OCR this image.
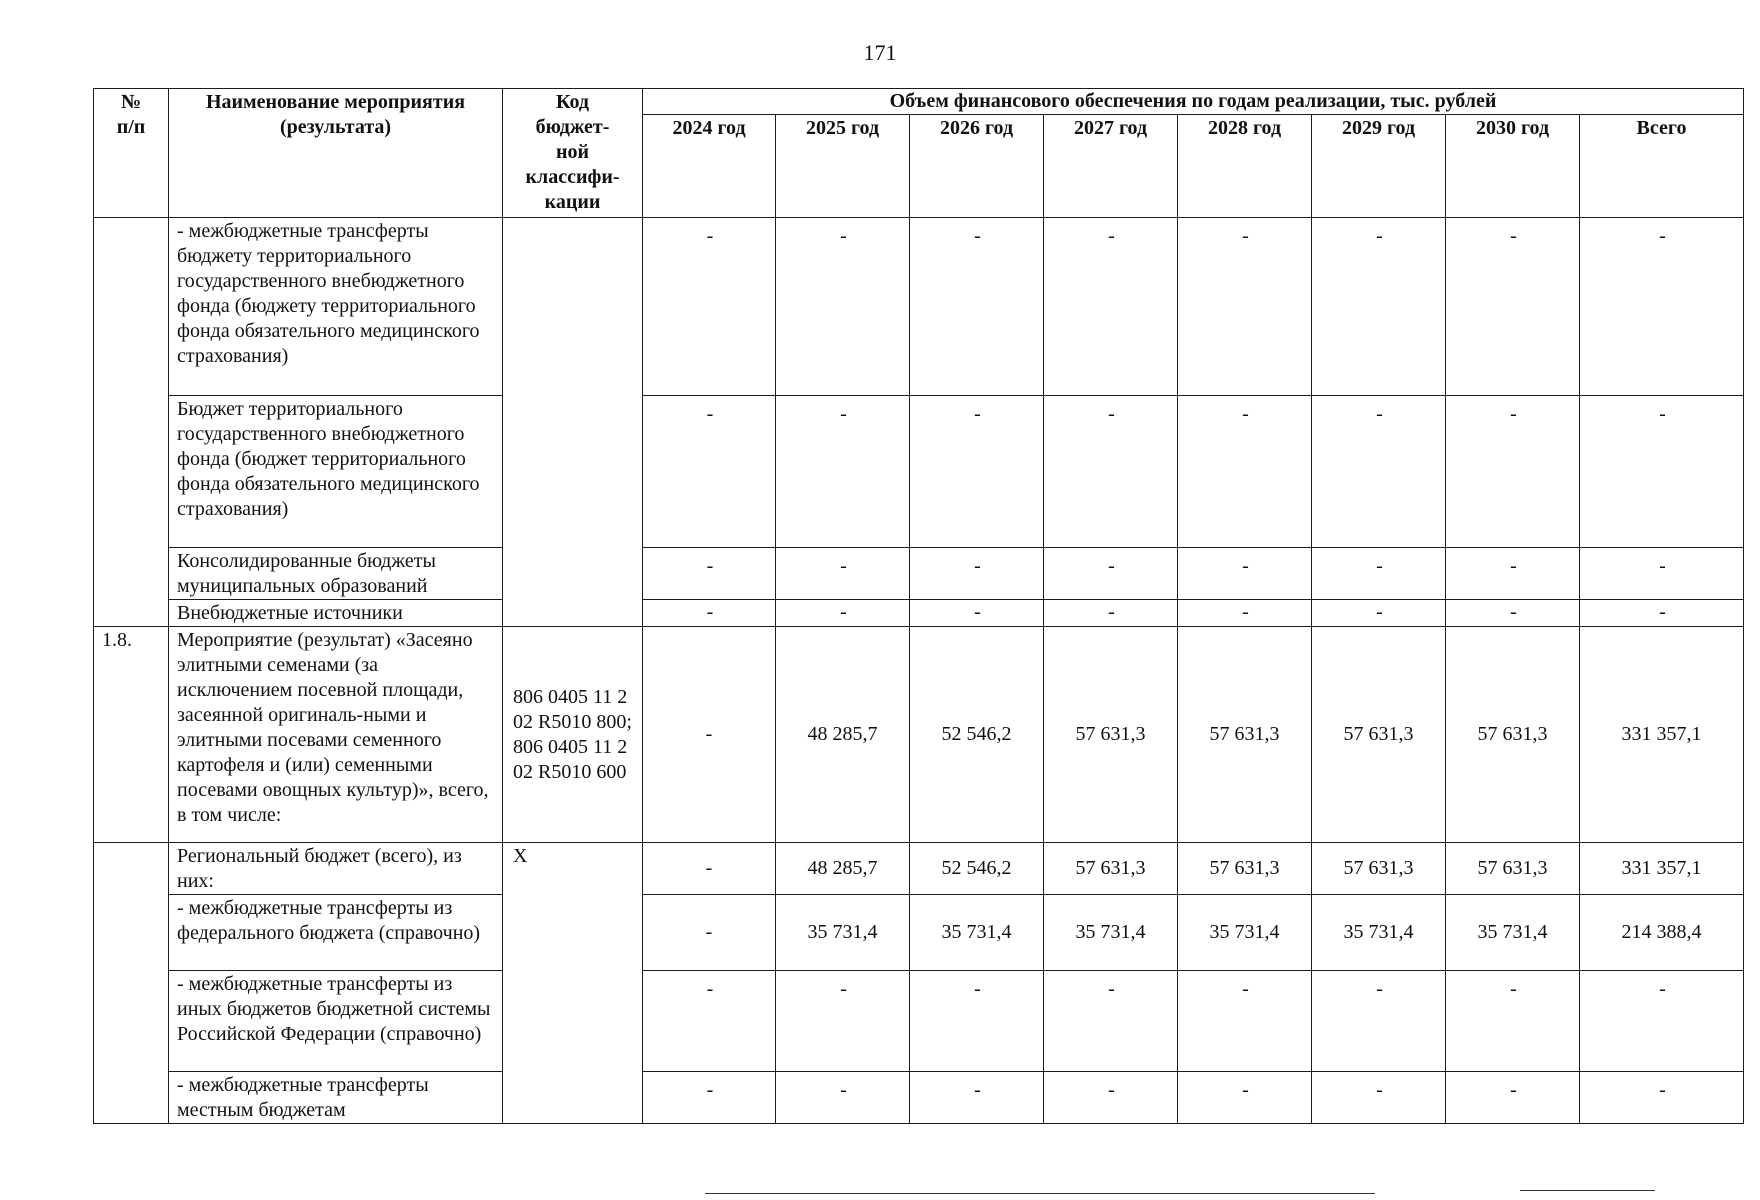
171
№ п/п	Наименование мероприятия (результата)	Код бюджет-ной классифи-кации	Объем финансового обеспечения по годам реализации, тыс. рублей							
			2024 год	2025 год	2026 год	2027 год	2028 год	2029 год	2030 год	Всего
	- межбюджетные трансферты бюджету территориального государственного внебюджетного фонда (бюджету территориального фонда обязательного медицинского страхования)		-	-	-	-	-	-	-	-
	Бюджет территориального государственного внебюджетного фонда (бюджет территориального фонда обязательного медицинского страхования)		-	-	-	-	-	-	-	-
	Консолидированные бюджеты муниципальных образований		-	-	-	-	-	-	-	-
	Внебюджетные источники		-	-	-	-	-	-	-	-
1.8.	Мероприятие (результат) «Засеяно элитными семенами (за исключением посевной площади, засеянной оригиналь-ными и элитными посевами семенного картофеля и (или) семенными посевами овощных культур)», всего, в том числе:	806 0405 11 2 02 R5010 800; 806 0405 11 2 02 R5010 600	-	48 285,7	52 546,2	57 631,3	57 631,3	57 631,3	57 631,3	331 357,1
	Региональный бюджет (всего), из них:	X	-	48 285,7	52 546,2	57 631,3	57 631,3	57 631,3	57 631,3	331 357,1
	- межбюджетные трансферты из федерального бюджета (справочно)		-	35 731,4	35 731,4	35 731,4	35 731,4	35 731,4	35 731,4	214 388,4
	- межбюджетные трансферты из иных бюджетов бюджетной системы Российской Федерации (справочно)		-	-	-	-	-	-	-	-
	- межбюджетные трансферты местным бюджетам		-	-	-	-	-	-	-	-
